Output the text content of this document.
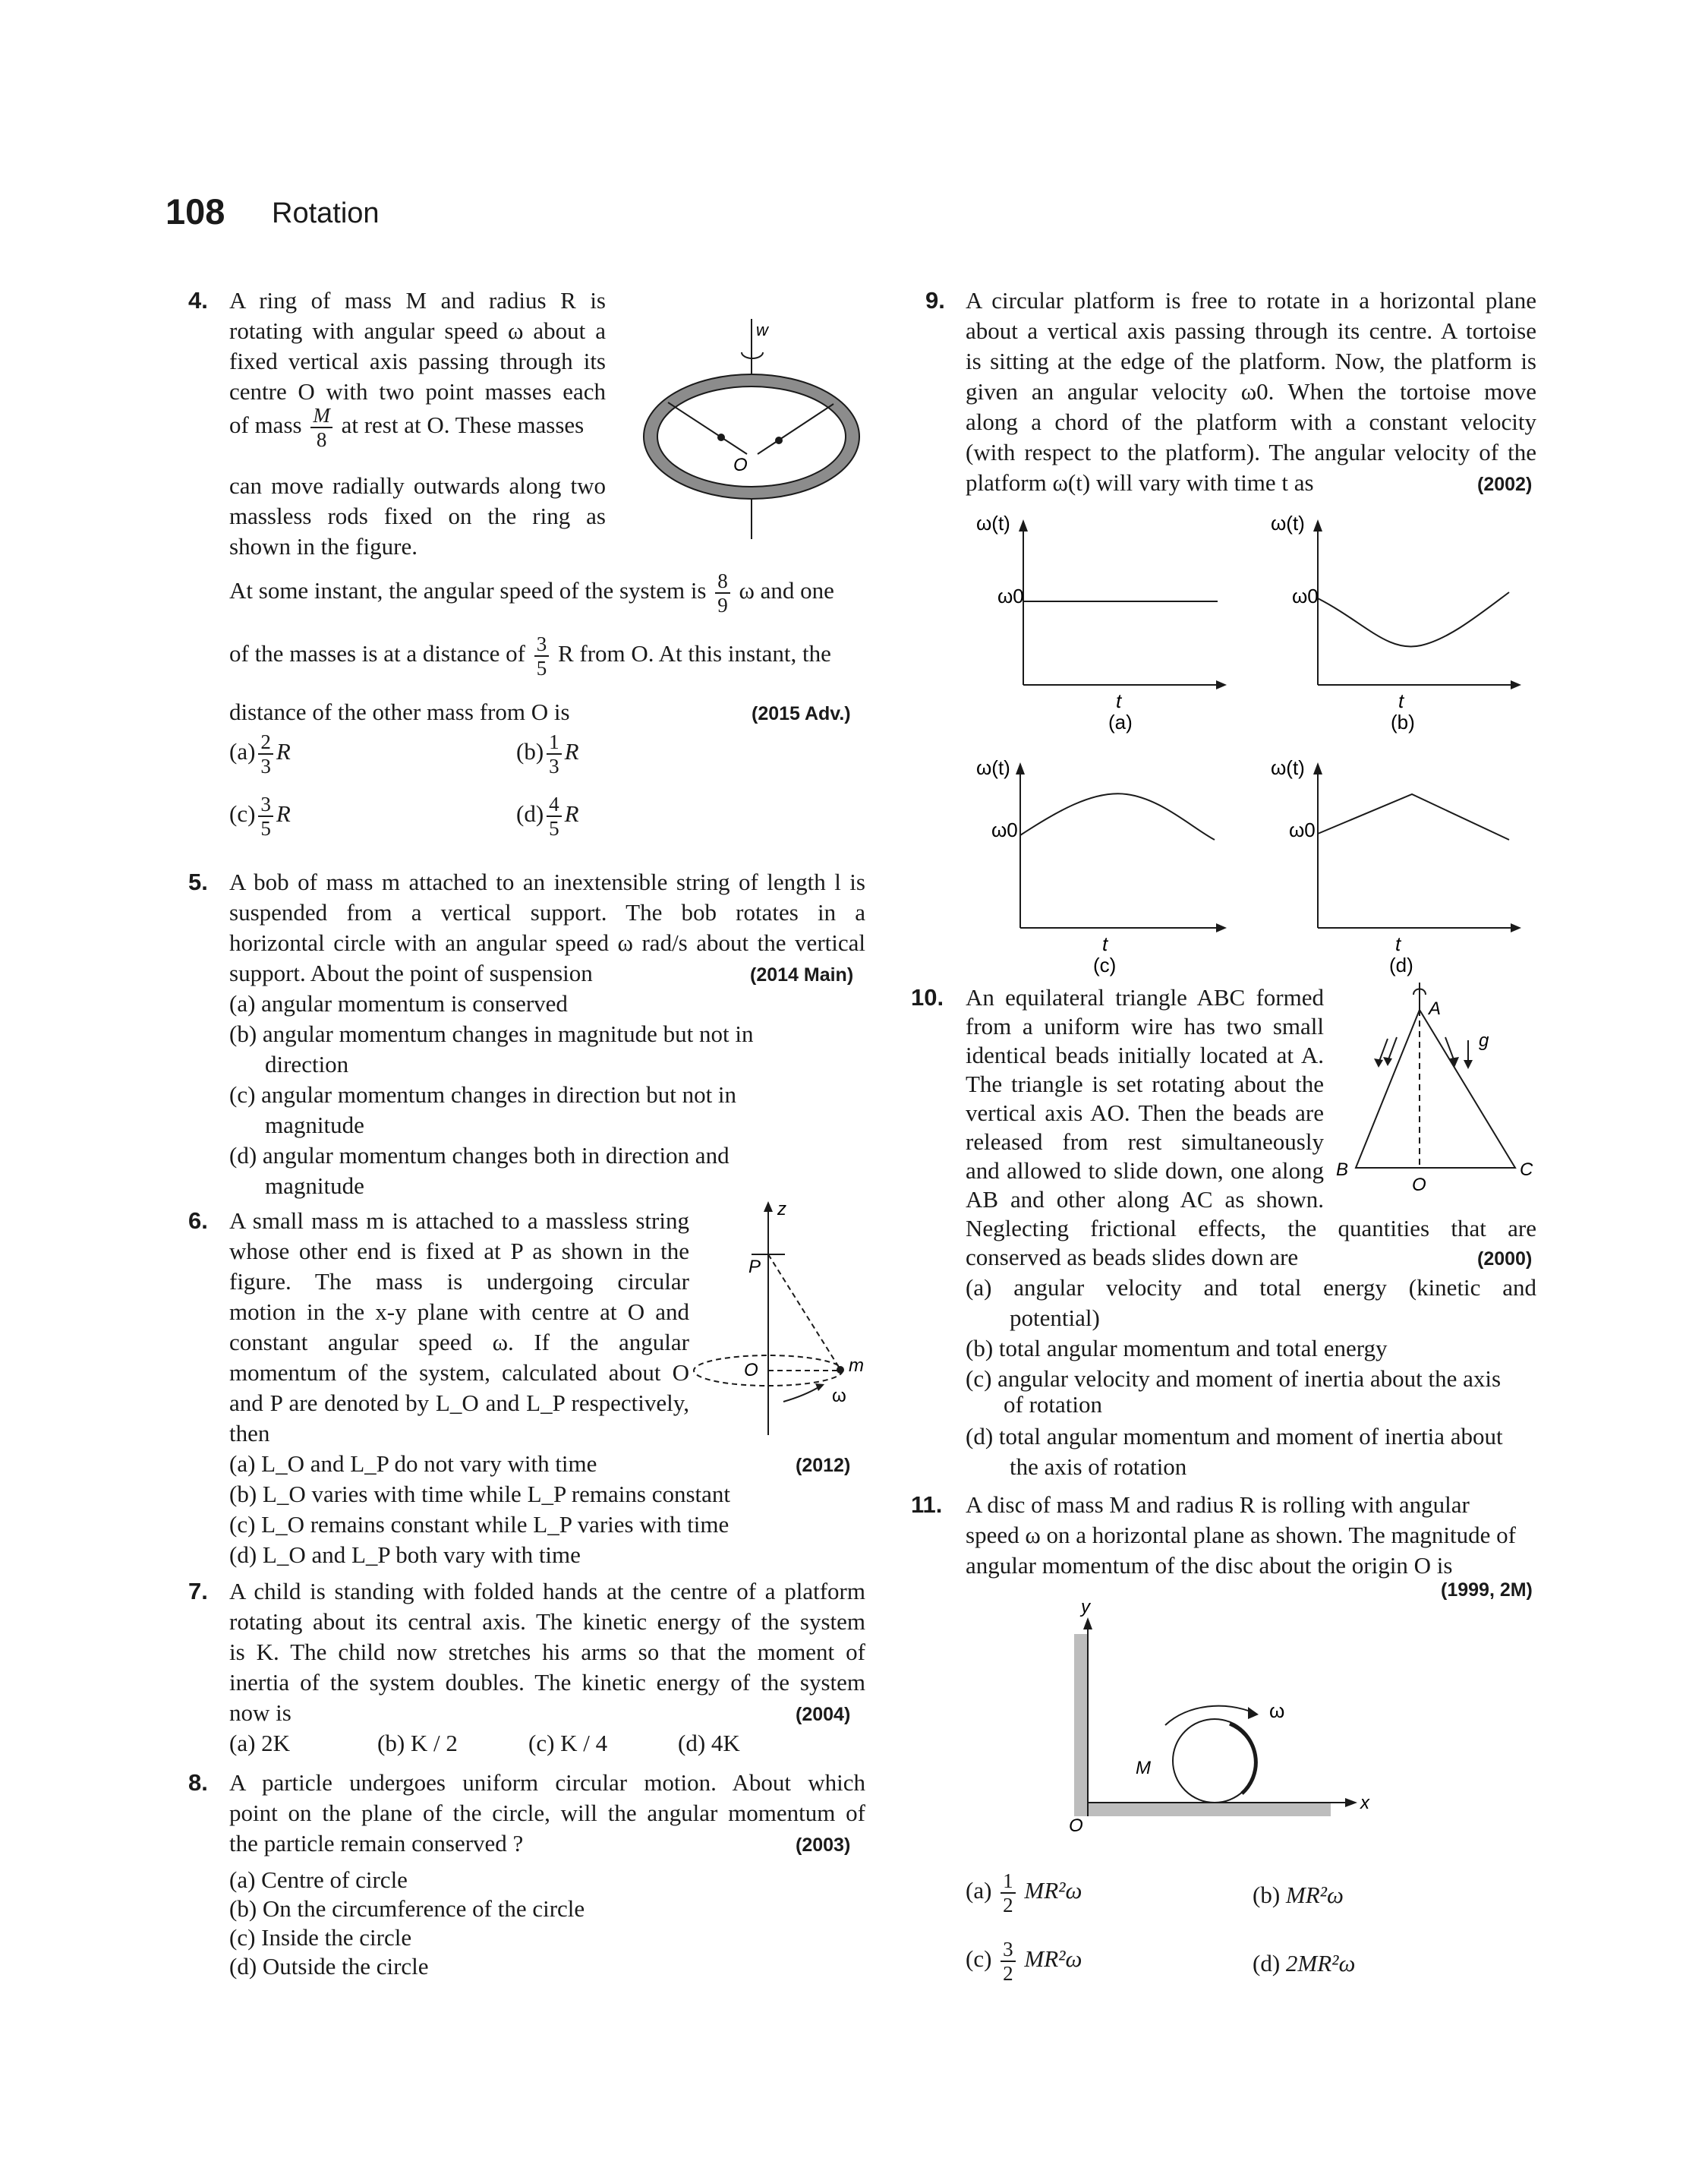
108 Rotation
4. A ring of mass M and radius R is
rotating with angular speed ω about a
fixed vertical axis passing through its
centre O with two point masses each
of mass $\frac{M}{8}$ at rest at O. These masses
can move radially outwards along two
massless rods fixed on the ring as
shown in the figure.
At some instant, the angular speed of the system is $\frac{8}{9}$ ω and one
of the masses is at a distance of $\frac{3}{5}$ R from O. At this instant, the
distance of the other mass from O is	(2015 Adv.)
$(a) \frac{2}{3}$ R	$(b) \frac{1}{3}$ R
$(c) \frac{3}{5}$ R	$(d) \frac{4}{5}$ R
w
O
5. A bob of mass m attached to an inextensible string of length l is
suspended from a vertical support. The bob rotates in a
horizontal circle with an angular speed ω rad/s about the vertical
support. About the point of suspension	(2014 Main)
(a) angular momentum is conserved
(b) angular momentum changes in magnitude but not in
direction
(c) angular momentum changes in direction but not in
magnitude
(d) angular momentum changes both in direction and
magnitude
6. A small mass m is attached to a massless string
whose other end is fixed at P as shown in the
figure. The mass is undergoing circular
motion in the x-y plane with centre at O and
constant angular speed ω. If the angular
momentum of the system, calculated about O
and P are denoted by L_O and L_P respectively,
then
(a) L_O and L_P do not vary with time	(2012)
(b) L_O varies with time while L_P remains constant
(c) L_O remains constant while L_P varies with time
(d) L_O and L_P both vary with time
z
P
O	m
ω
7. A child is standing with folded hands at the centre of a platform
rotating about its central axis. The kinetic energy of the system
is K. The child now stretches his arms so that the moment of
inertia of the system doubles. The kinetic energy of the system
now is	(2004)
(a) 2K	(b) K / 2	(c) K / 4	(d) 4K
8. A particle undergoes uniform circular motion. About which
point on the plane of the circle, will the angular momentum of
the particle remain conserved ?	(2003)
(a) Centre of circle
(b) On the circumference of the circle
(c) Inside the circle
(d) Outside the circle
9. A circular platform is free to rotate in a horizontal plane
about a vertical axis passing through its centre. A tortoise
is sitting at the edge of the platform. Now, the platform is
given an angular velocity ω0. When the tortoise move
along a chord of the platform with a constant velocity
(with respect to the platform). The angular velocity of the
platform ω(t) will vary with time t as	(2002)
ω(t)
ω0
t
(a)
ω(t)
ω0
t
(b)
ω(t)
ω0
t
(c)
ω(t)
ω0
t
(d)
10. An equilateral triangle ABC formed
from a uniform wire has two small
identical beads initially located at A.
The triangle is set rotating about the
vertical axis AO. Then the beads are
released from rest simultaneously
and allowed to slide down, one along
AB and other along AC as shown.
Neglecting frictional effects, the quantities that are
conserved as beads slides down are	(2000)
(a) angular velocity and total energy (kinetic and
potential)
(b) total angular momentum and total energy
(c) angular velocity and moment of inertia about the axis
of rotation
(d) total angular momentum and moment of inertia about
the axis of rotation
A
B	C
O
g
11. A disc of mass M and radius R is rolling with angular
speed ω on a horizontal plane as shown. The magnitude of
angular momentum of the disc about the origin O is
(1999, 2M)
y
x
O
M
ω
$(a) \frac{1}{2} MR^2\omega$	(b) MR²ω
$(c) \frac{3}{2} MR^2\omega$	(d) 2MR²ω
